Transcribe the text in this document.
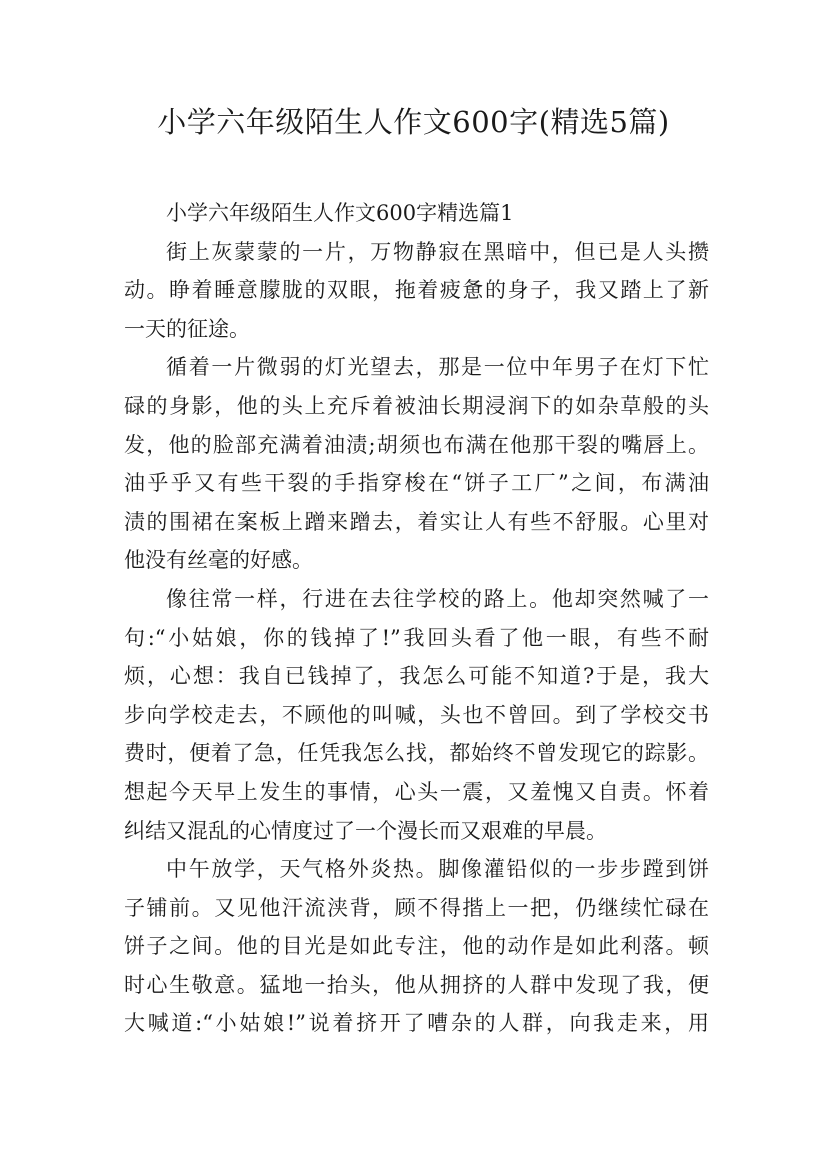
小学六年级陌生人作文600字(精选5篇)
小学六年级陌生人作文600字精选篇1
街上灰蒙蒙的一片，万物静寂在黑暗中，但已是人头攒
动。睁着睡意朦胧的双眼，拖着疲惫的身子，我又踏上了新
一天的征途。
循着一片微弱的灯光望去，那是一位中年男子在灯下忙
碌的身影，他的头上充斥着被油长期浸润下的如杂草般的头
发，他的脸部充满着油渍;胡须也布满在他那干裂的嘴唇上。
油乎乎又有些干裂的手指穿梭在“饼子工厂”之间，布满油
渍的围裙在案板上蹭来蹭去，着实让人有些不舒服。心里对
他没有丝毫的好感。
像往常一样，行进在去往学校的路上。他却突然喊了一
句:“小姑娘，你的钱掉了!”我回头看了他一眼，有些不耐
烦，心想：我自已钱掉了，我怎么可能不知道?于是，我大
步向学校走去，不顾他的叫喊，头也不曾回。到了学校交书
费时，便着了急，任凭我怎么找，都始终不曾发现它的踪影。
想起今天早上发生的事情，心头一震，又羞愧又自责。怀着
纠结又混乱的心情度过了一个漫长而又艰难的早晨。
中午放学，天气格外炎热。脚像灌铅似的一步步蹚到饼
子铺前。又见他汗流浃背，顾不得揩上一把，仍继续忙碌在
饼子之间。他的目光是如此专注，他的动作是如此利落。顿
时心生敬意。猛地一抬头，他从拥挤的人群中发现了我，便
大喊道:“小姑娘!”说着挤开了嘈杂的人群，向我走来，用
